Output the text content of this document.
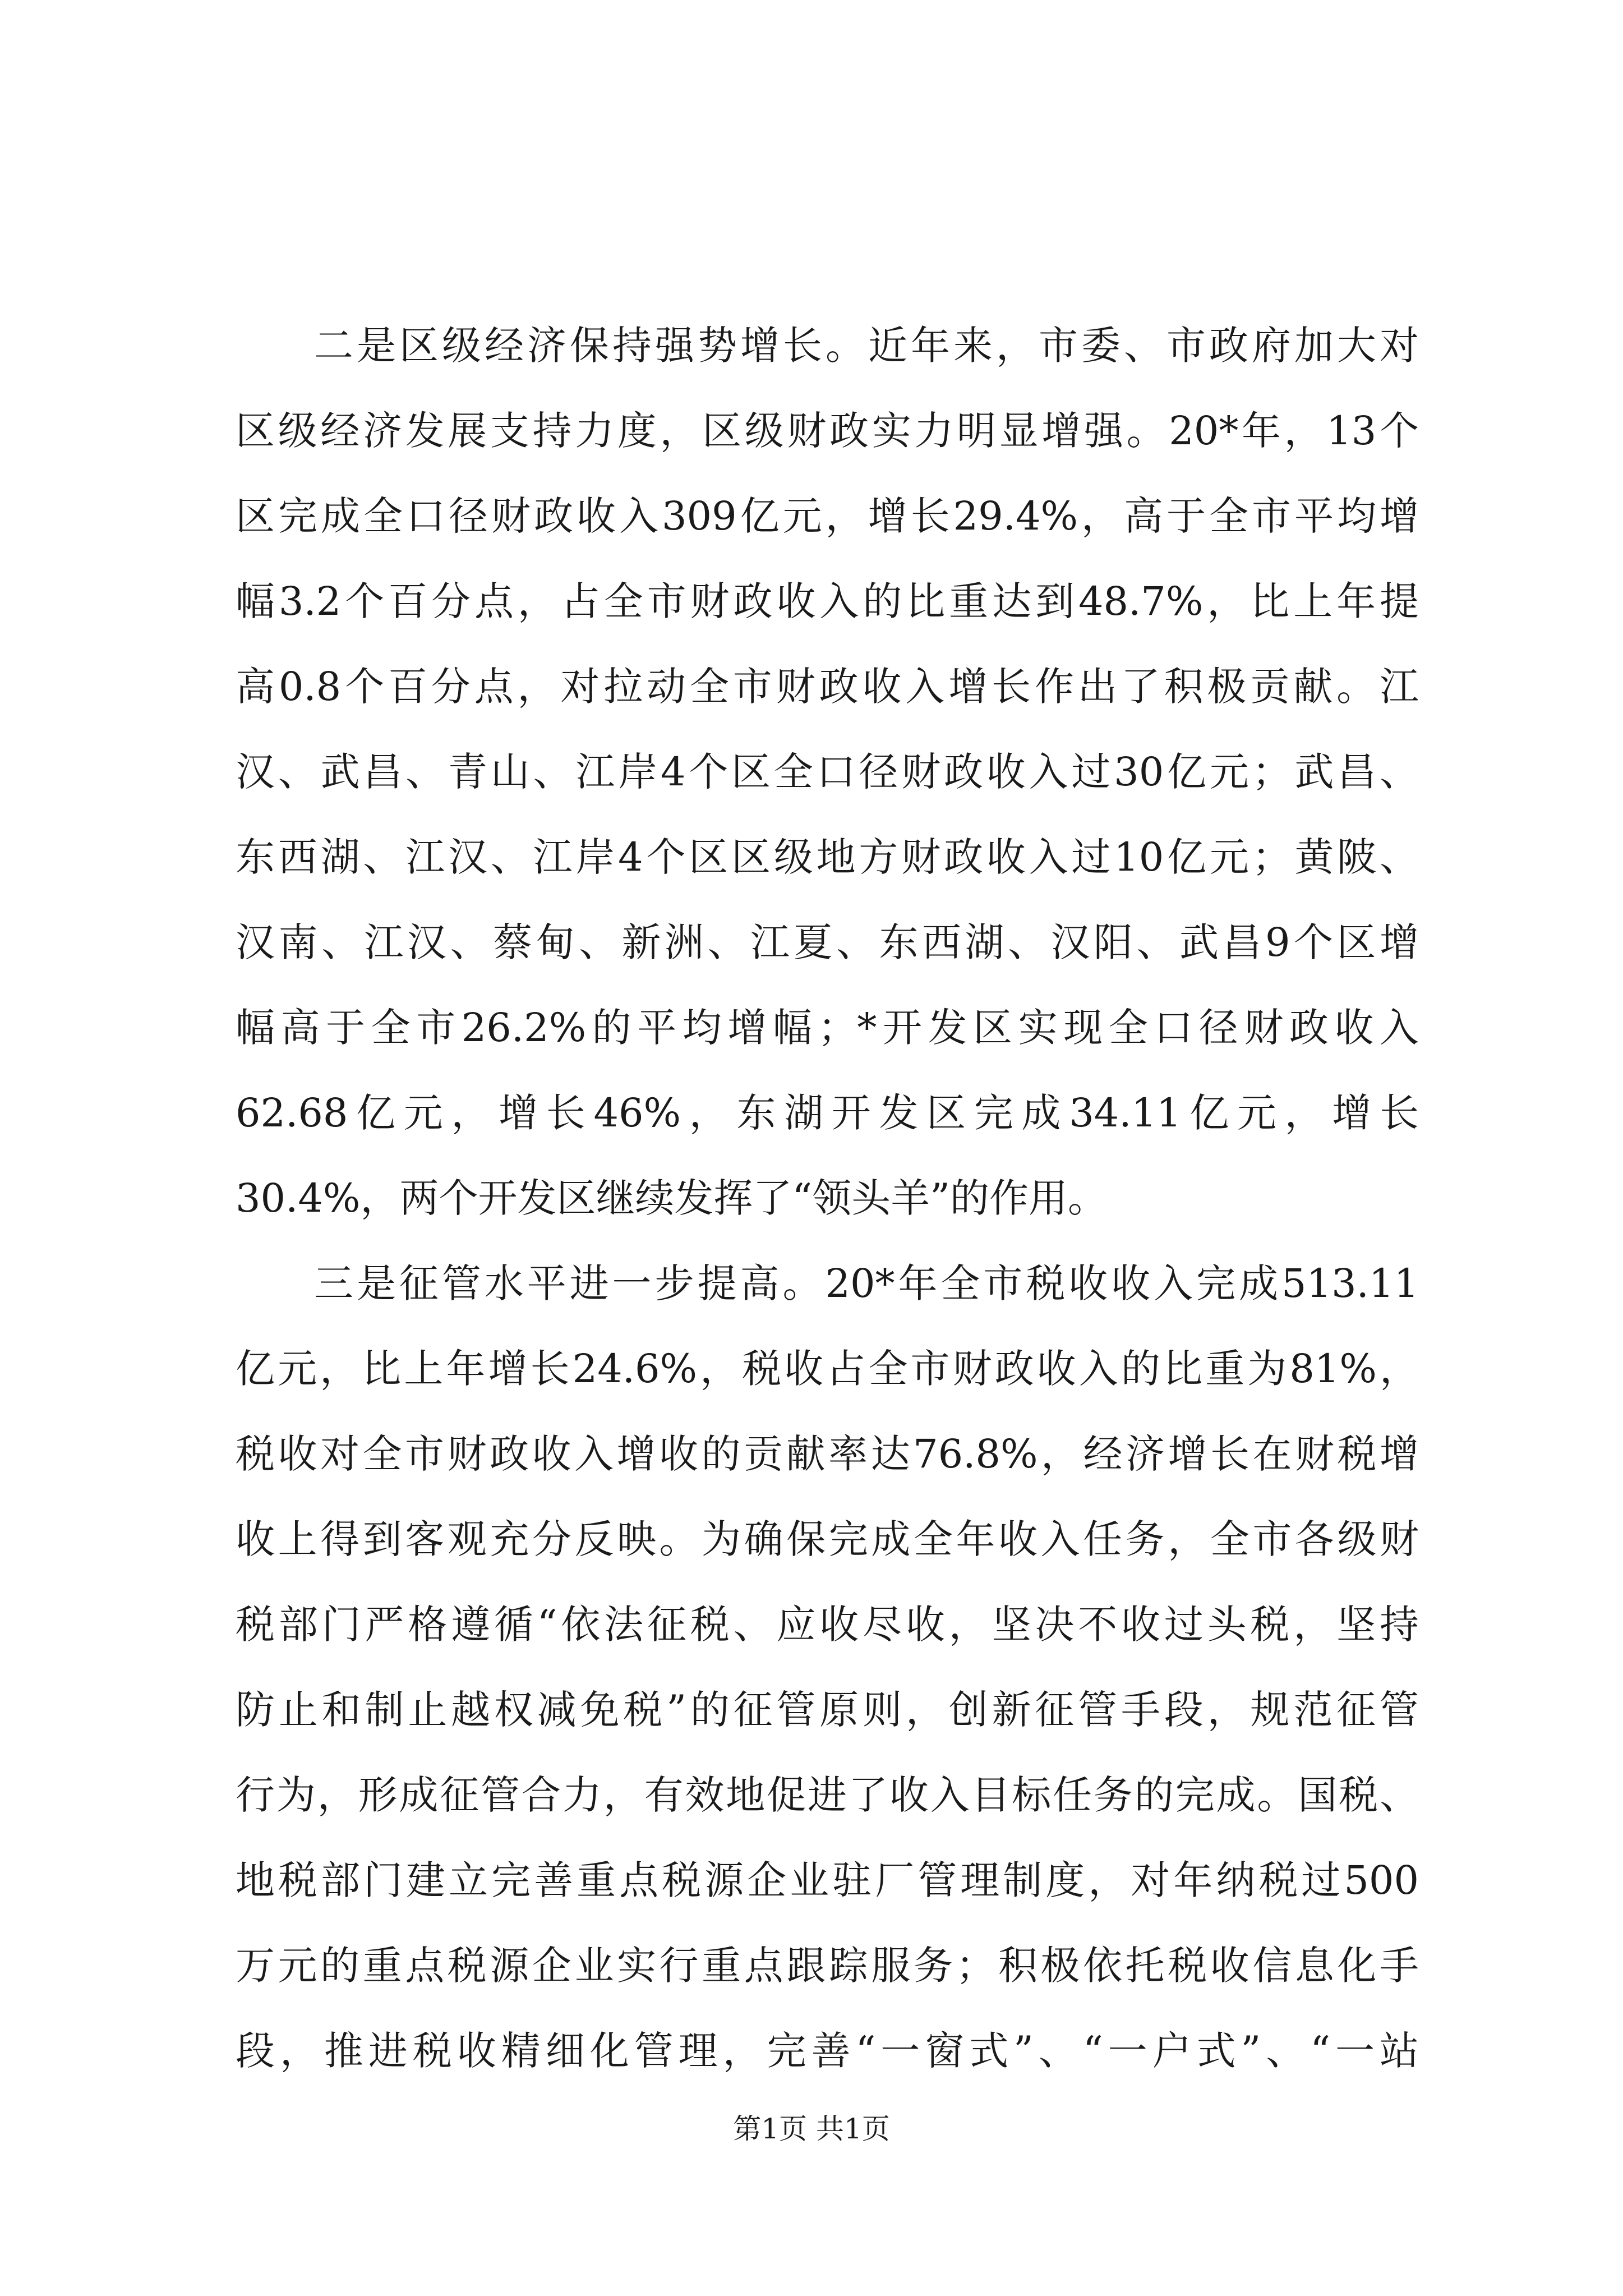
二是区级经济保持强势增长。近年来，市委、市政府加大对
区级经济发展支持力度，区级财政实力明显增强。20*年，13个
区完成全口径财政收入309亿元，增长29.4%，高于全市平均增
幅3.2个百分点，占全市财政收入的比重达到48.7%，比上年提
高0.8个百分点，对拉动全市财政收入增长作出了积极贡献。江
汉、武昌、青山、江岸4个区全口径财政收入过30亿元；武昌、
东西湖、江汉、江岸4个区区级地方财政收入过10亿元；黄陂、
汉南、江汉、蔡甸、新洲、江夏、东西湖、汉阳、武昌9个区增
幅高于全市26.2%的平均增幅；*开发区实现全口径财政收入
62.68亿元，增长46%，东湖开发区完成34.11亿元，增长
30.4%，两个开发区继续发挥了“领头羊”的作用。
三是征管水平进一步提高。20*年全市税收收入完成513.11
亿元，比上年增长24.6%，税收占全市财政收入的比重为81%，
税收对全市财政收入增收的贡献率达76.8%，经济增长在财税增
收上得到客观充分反映。为确保完成全年收入任务，全市各级财
税部门严格遵循“依法征税、应收尽收，坚决不收过头税，坚持
防止和制止越权减免税”的征管原则，创新征管手段，规范征管
行为，形成征管合力，有效地促进了收入目标任务的完成。国税、
地税部门建立完善重点税源企业驻厂管理制度，对年纳税过500
万元的重点税源企业实行重点跟踪服务；积极依托税收信息化手
段，推进税收精细化管理，完善“一窗式”、“一户式”、“一站
第1页 共1页
